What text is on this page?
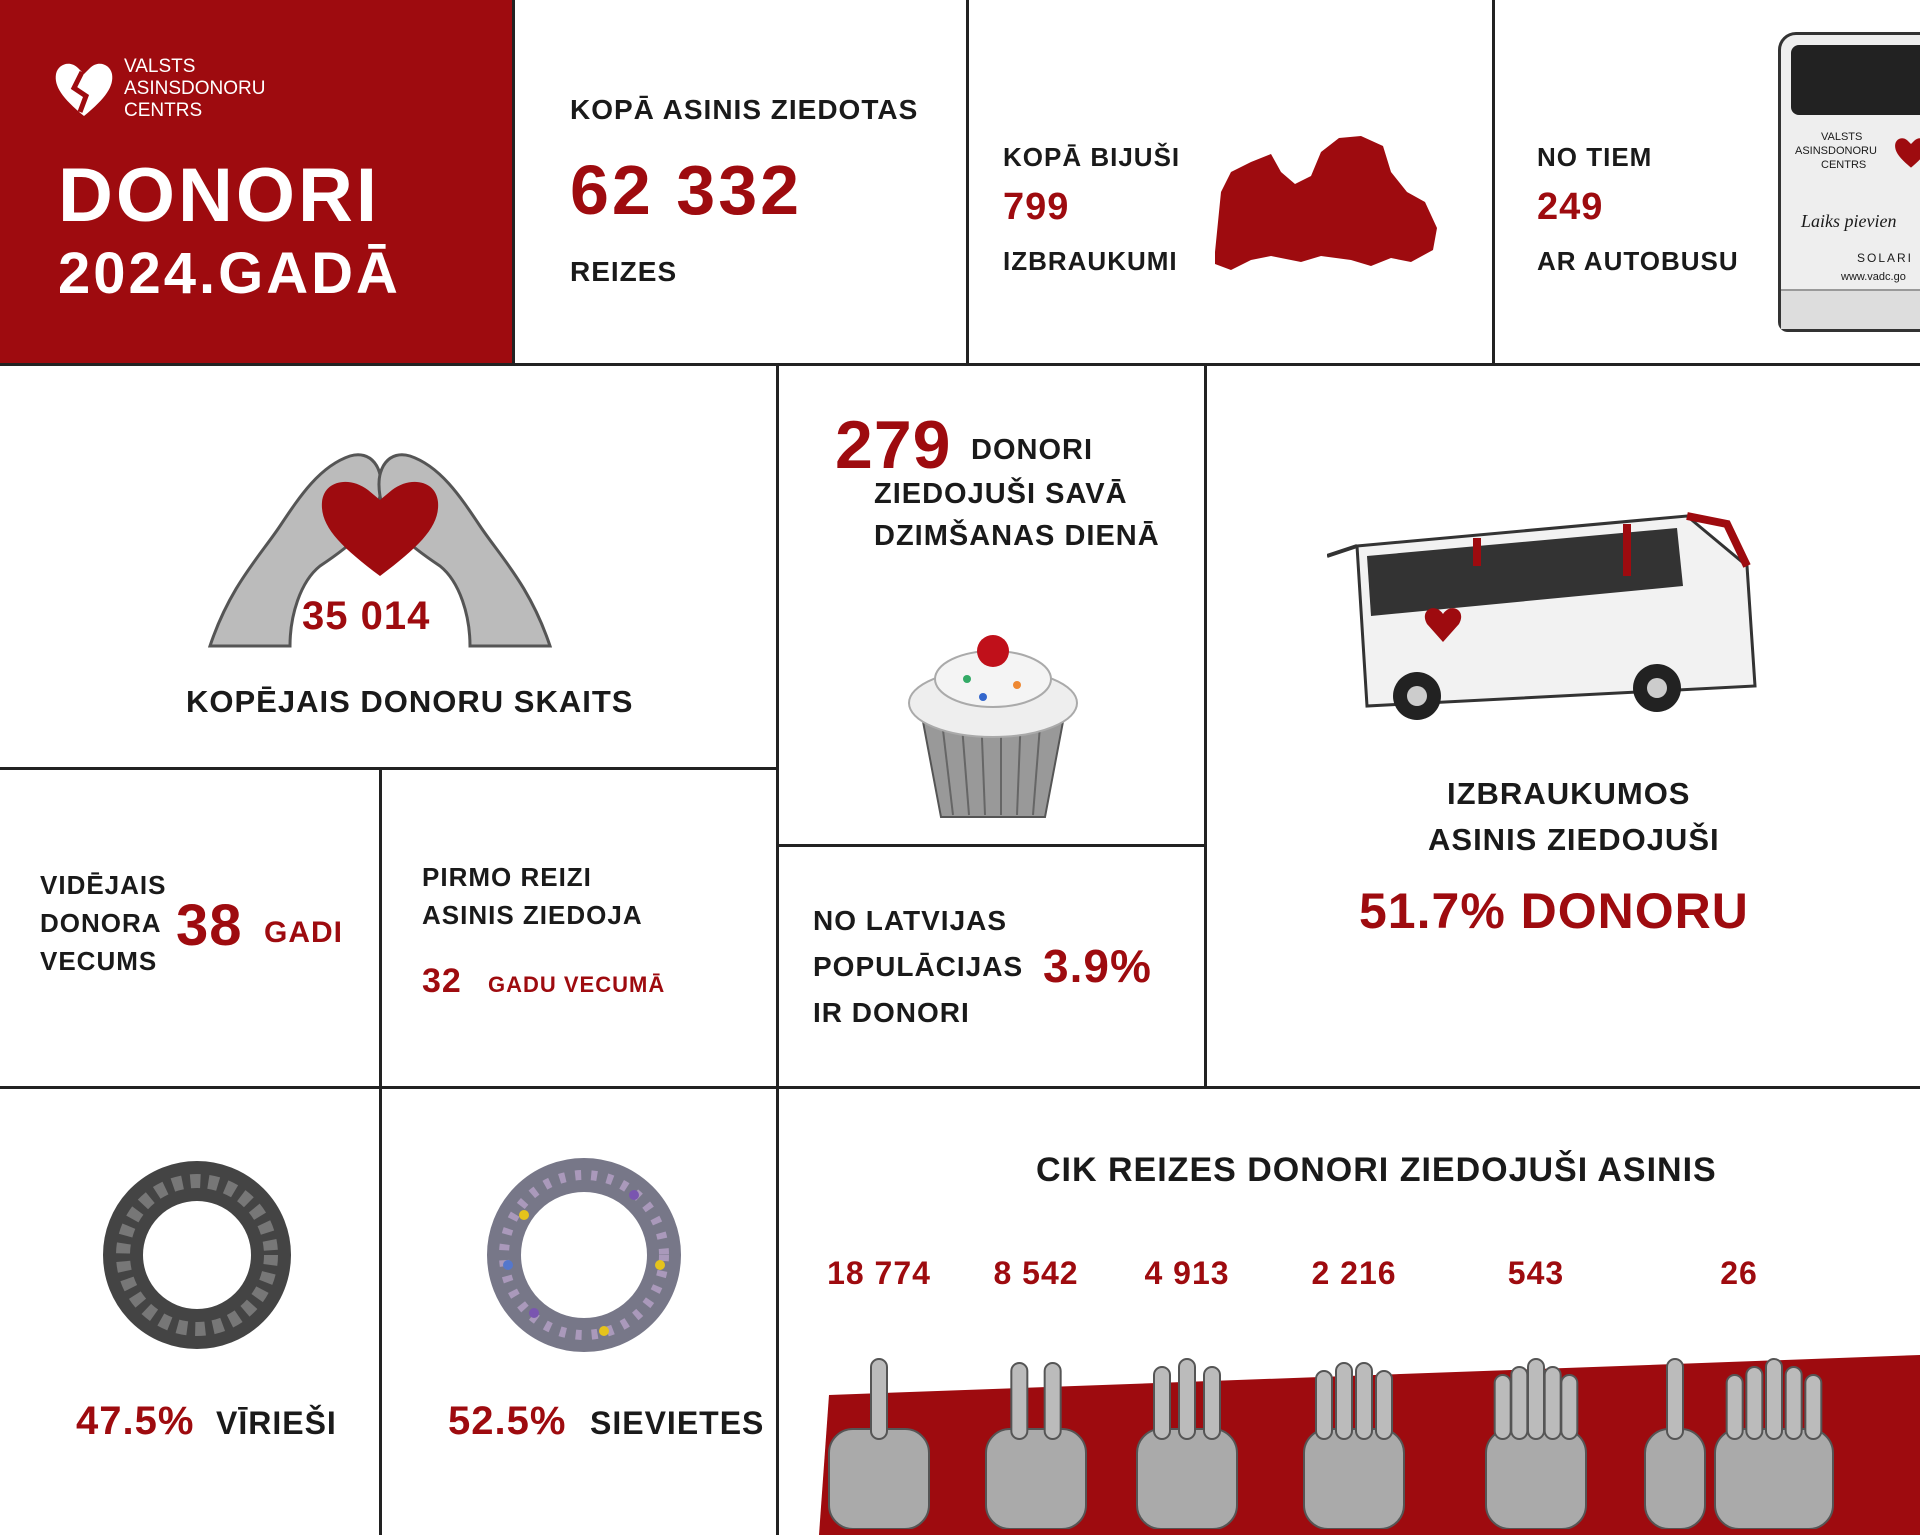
VALSTS
ASINSDONORU
CENTRS
DONORI
2024.GADĀ
KOPĀ ASINIS ZIEDOTAS
62 332
REIZES
KOPĀ BIJUŠI
799
IZBRAUKUMI
NO TIEM
249
AR AUTOBUSU
VALSTS
ASINSDONORU
CENTRS
Laiks pievien
SOLARI
www.vadc.go
35 014
KOPĒJAIS DONORU SKAITS
279 DONORI
ZIEDOJUŠI SAVĀ
DZIMŠANAS DIENĀ
IZBRAUKUMOS
ASINIS ZIEDOJUŠI
51.7% DONORU
VIDĒJAIS
DONORA
VECUMS
38 GADI
PIRMO REIZI
ASINIS ZIEDOJA
32 GADU VECUMĀ
NO LATVIJAS
POPULĀCIJAS
IR DONORI
3.9%
47.5% VĪRIEŠI	52.5% SIEVIETES
CIK REIZES DONORI ZIEDOJUŠI ASINIS
18 774	8 542	4 913	2 216	543	26
